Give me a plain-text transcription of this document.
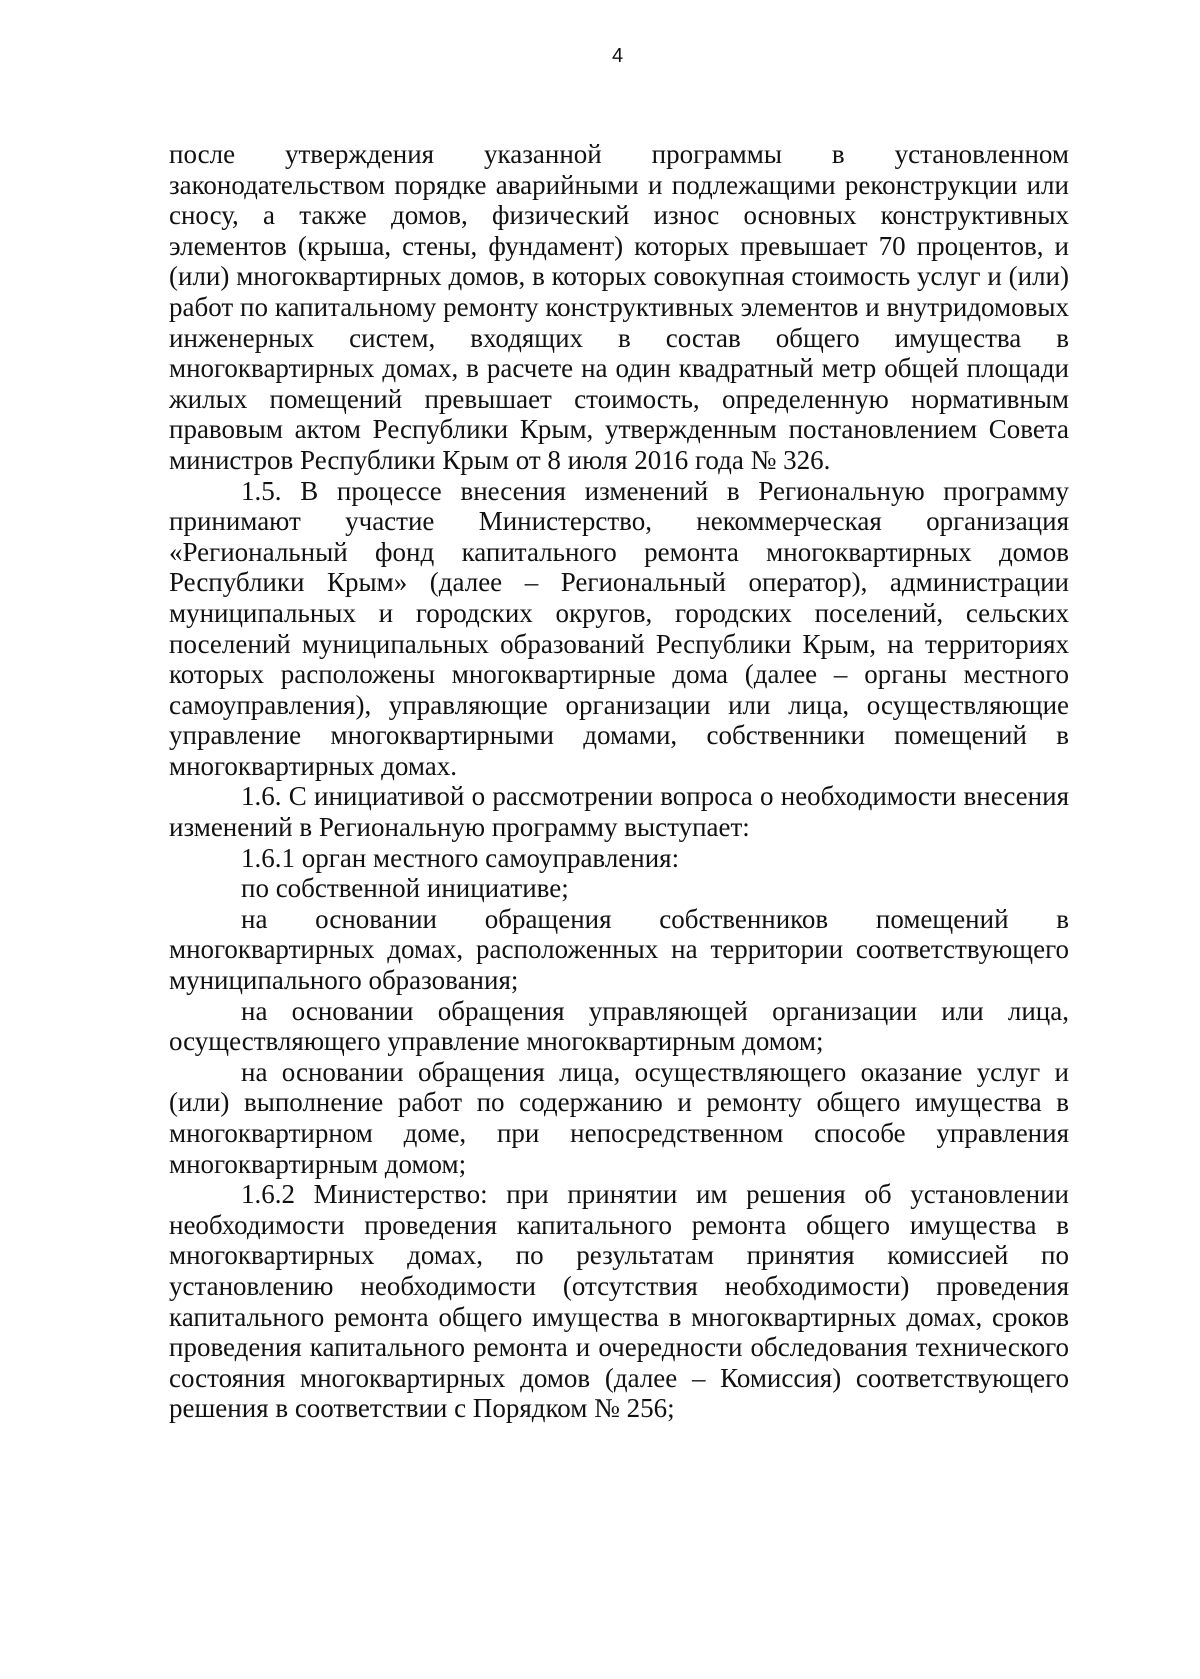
4

после утверждения указанной программы в установленном законодательством порядке аварийными и подлежащими реконструкции или сносу, а также домов, физический износ основных конструктивных элементов (крыша, стены, фундамент) которых превышает 70 процентов, и (или) многоквартирных домов, в которых совокупная стоимость услуг и (или) работ по капитальному ремонту конструктивных элементов и внутридомовых инженерных систем, входящих в состав общего имущества в многоквартирных домах, в расчете на один квадратный метр общей площади жилых помещений превышает стоимость, определенную нормативным правовым актом Республики Крым, утвержденным постановлением Совета министров Республики Крым от 8 июля 2016 года № 326.

1.5. В процессе внесения изменений в Региональную программу принимают участие Министерство, некоммерческая организация «Региональный фонд капитального ремонта многоквартирных домов Республики Крым» (далее – Региональный оператор), администрации муниципальных и городских округов, городских поселений, сельских поселений муниципальных образований Республики Крым, на территориях которых расположены многоквартирные дома (далее – органы местного самоуправления), управляющие организации или лица, осуществляющие управление многоквартирными домами, собственники помещений в многоквартирных домах.

1.6. С инициативой о рассмотрении вопроса о необходимости внесения изменений в Региональную программу выступает:

1.6.1 орган местного самоуправления:

по собственной инициативе;

на основании обращения собственников помещений в многоквартирных домах, расположенных на территории соответствующего муниципального образования;

на основании обращения управляющей организации или лица, осуществляющего управление многоквартирным домом;

на основании обращения лица, осуществляющего оказание услуг и (или) выполнение работ по содержанию и ремонту общего имущества в многоквартирном доме, при непосредственном способе управления многоквартирным домом;

1.6.2 Министерство: при принятии им решения об установлении необходимости проведения капитального ремонта общего имущества в многоквартирных домах, по результатам принятия комиссией по установлению необходимости (отсутствия необходимости) проведения капитального ремонта общего имущества в многоквартирных домах, сроков проведения капитального ремонта и очередности обследования технического состояния многоквартирных домов (далее – Комиссия) соответствующего решения в соответствии с Порядком № 256;
